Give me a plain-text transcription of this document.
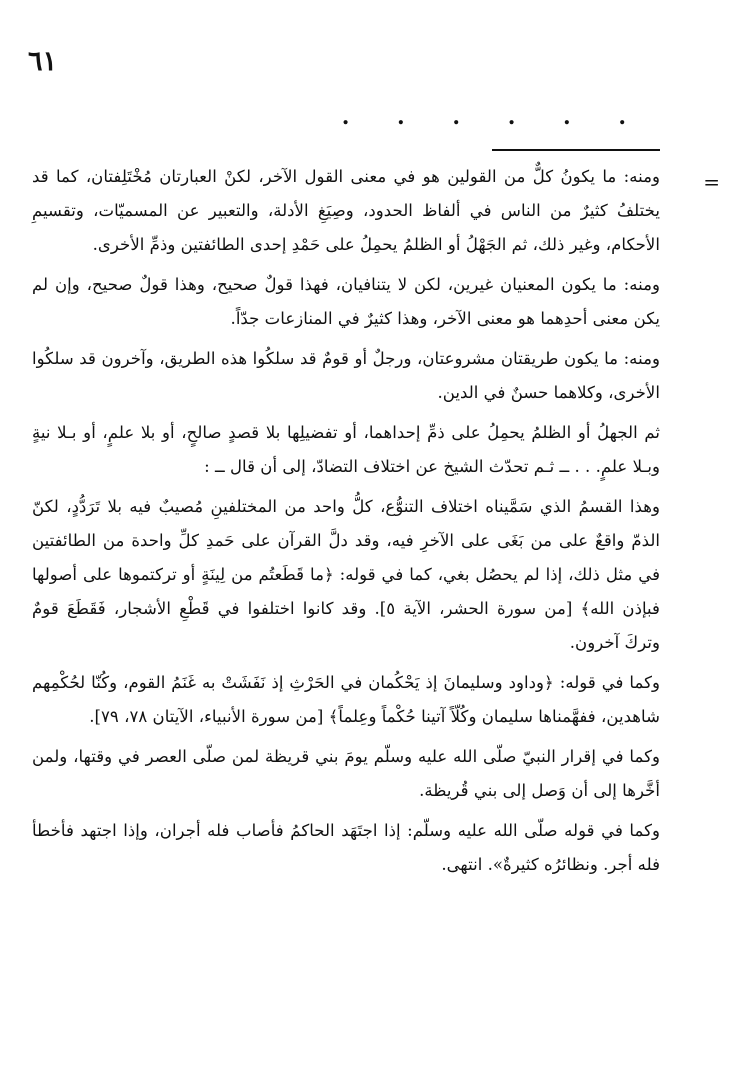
٦١
. . . . . .
=

ومنه: ما يكونُ كلٌّ من القولين هو في معنى القول الآخر، لكنْ العبارتان مُخْتَلِفتان، كما قد يختلفُ كثيرٌ من الناس في ألفاظ الحدود، وصِيَغِ الأدلة، والتعبير عن المسميّات، وتقسيمِ الأحكام، وغير ذلك، ثم الجَهْلُ أو الظلمُ يحمِلُ على حَمْدِ إحدى الطائفتين وذمِّ الأخرى.

ومنه: ما يكون المعنيان غيرين، لكن لا يتنافيان، فهذا قولٌ صحيح، وهذا قولٌ صحيح، وإن لم يكن معنى أحدِهما هو معنى الآخر، وهذا كثيرٌ في المنازعات جدّاً.

ومنه: ما يكون طريقتان مشروعتان، ورجلٌ أو قومٌ قد سلكُوا هذه الطريق، وآخرون قد سلكُوا الأخرى، وكلاهما حسنٌ في الدين.

ثم الجهلُ أو الظلمُ يحمِلُ على ذمِّ إحداهما، أو تفضيلِها بلا قصدٍ صالحٍ، أو بلا علمٍ، أو بـلا نيةٍ وبـلا علمٍ. . . ــ ثـم تحدّث الشيخ عن اختلاف التضادّ، إلى أن قال ــ :

وهذا القسمُ الذي سَمَّيناه اختلاف التنوُّع، كلُّ واحد من المختلفينِ مُصيبٌ فيه بلا تَرَدُّدٍ، لكنّ الذمّ واقعٌ على من بَغَى على الآخرِ فيه، وقد دلَّ القرآن على حَمدِ كلِّ واحدة من الطائفتين في مثل ذلك، إذا لم يحصُل بغي، كما في قوله: ﴿ما قَطَعتُم من لِينَةٍ أو تركتموها على أصولها فبإذن الله﴾ [من سورة الحشر، الآية ٥]. وقد كانوا اختلفوا في قَطْعِ الأشجار، فَقَطَعَ قومٌ وتركَ آخرون.

وكما في قوله: ﴿وداود وسليمانَ إذ يَحْكُمان في الحَرْثِ إذ نَفَشَتْ به غَنَمُ القوم، وكُنّا لحُكْمِهم شاهدين، ففهَّمناها سليمان وكُلّاً آتينا حُكْماً وعِلماً﴾ [من سورة الأنبياء، الآيتان ٧٨، ٧٩].

وكما في إقرار النبيّ صلّى الله عليه وسلّم يومَ بني قريظة لمن صلّى العصر في وقتها، ولمن أخَّرها إلى أن وَصل إلى بني قُريظة.

وكما في قوله صلّى الله عليه وسلّم: إذا اجتَهَد الحاكمُ فأصاب فله أجران، وإذا اجتهد فأخطأ فله أجر. ونظائرُه كثيرةٌ». انتهى.
